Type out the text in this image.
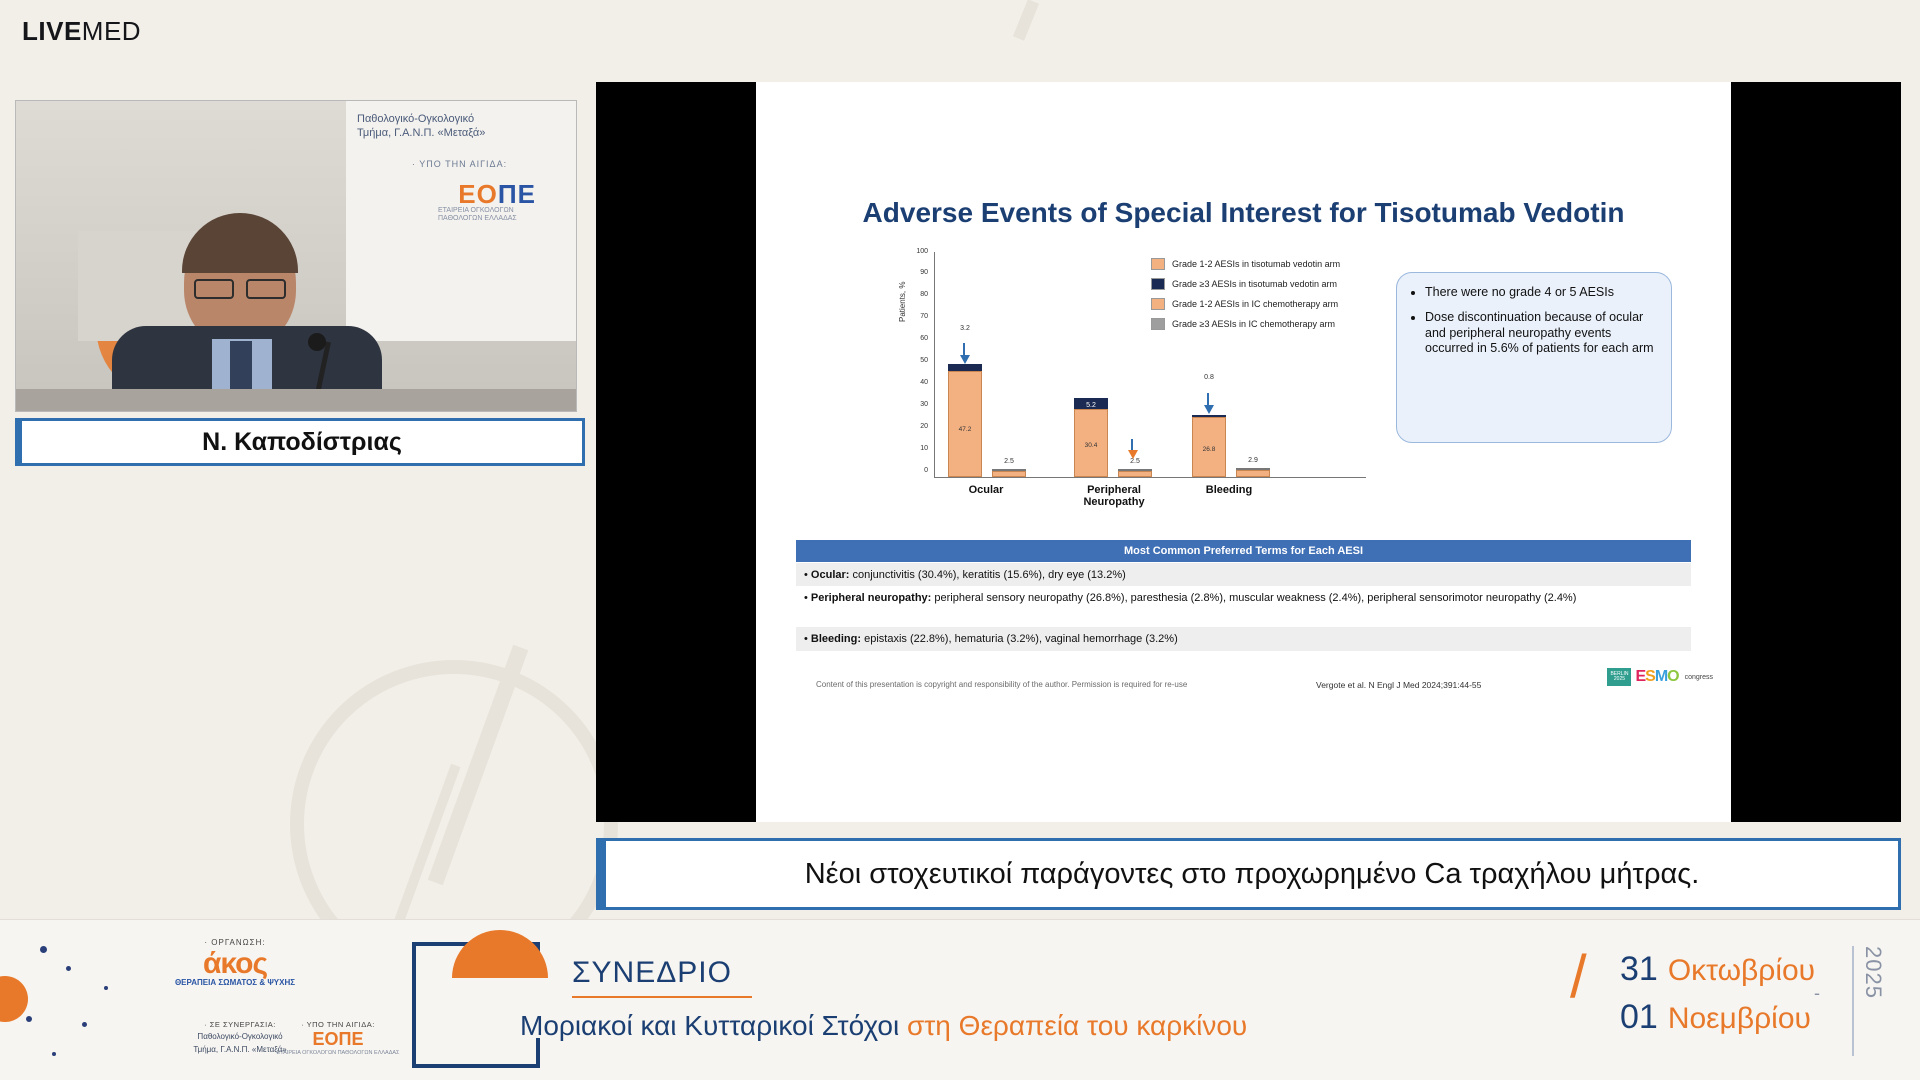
LIVEMED
Παθολογικό-Ογκολογικό
Τμήμα, Γ.Α.Ν.Π. «Μεταξά»
· ΥΠΟ ΤΗΝ ΑΙΓΙΔΑ:
ΕΟΠΕ
ΕΤΑΙΡΕΙΑ ΟΓΚΟΛΟΓΩΝ ΠΑΘΟΛΟΓΩΝ ΕΛΛΑΔΑΣ
Ν. Καποδίστριας
Adverse Events of Special Interest for Tisotumab Vedotin
Patients, %
100
90
80
70
60
50
40
30
20
10
0
47.2
3.2
2.5
Ocular
30.4
5.2
2.5
Peripheral Neuropathy
26.8
0.8
2.9
Bleeding
Grade 1-2 AESIs in tisotumab vedotin arm
Grade ≥3 AESIs in tisotumab vedotin arm
Grade 1-2 AESIs in IC chemotherapy arm
Grade ≥3 AESIs in IC chemotherapy arm
• There were no grade 4 or 5 AESIs
• Dose discontinuation because of ocular and peripheral neuropathy events occurred in 5.6% of patients for each arm
Most Common Preferred Terms for Each AESI
• Ocular: conjunctivitis (30.4%), keratitis (15.6%), dry eye (13.2%)
• Peripheral neuropathy: peripheral sensory neuropathy (26.8%), paresthesia (2.8%), muscular weakness (2.4%), peripheral sensorimotor neuropathy (2.4%)
• Bleeding: epistaxis (22.8%), hematuria (3.2%), vaginal hemorrhage (3.2%)
Content of this presentation is copyright and responsibility of the author. Permission is required for re-use	Vergote et al. N Engl J Med 2024;391:44-55
BERLIN 2025 ESMO congress
Νέοι στοχευτικοί παράγοντες στο προχωρημένο Ca τραχήλου μήτρας.
· ΟΡΓΑΝΩΣΗ:
άκος
ΘΕΡΑΠΕΙΑ ΣΩΜΑΤΟΣ & ΨΥΧΗΣ
· ΣΕ ΣΥΝΕΡΓΑΣΙΑ:
Παθολογικό-Ογκολογικό
Τμήμα, Γ.Α.Ν.Π. «Μεταξά»
· ΥΠΟ ΤΗΝ ΑΙΓΙΔΑ:
ΕΟΠΕ
ΕΤΑΙΡΕΙΑ ΟΓΚΟΛΟΓΩΝ ΠΑΘΟΛΟΓΩΝ ΕΛΛΑΔΑΣ
ΣΥΝΕΔΡΙΟ
Μοριακοί και Κυτταρικοί Στόχοι στη Θεραπεία του καρκίνου
/ 31 Οκτωβρίου
-
01 Νοεμβρίου
2025
